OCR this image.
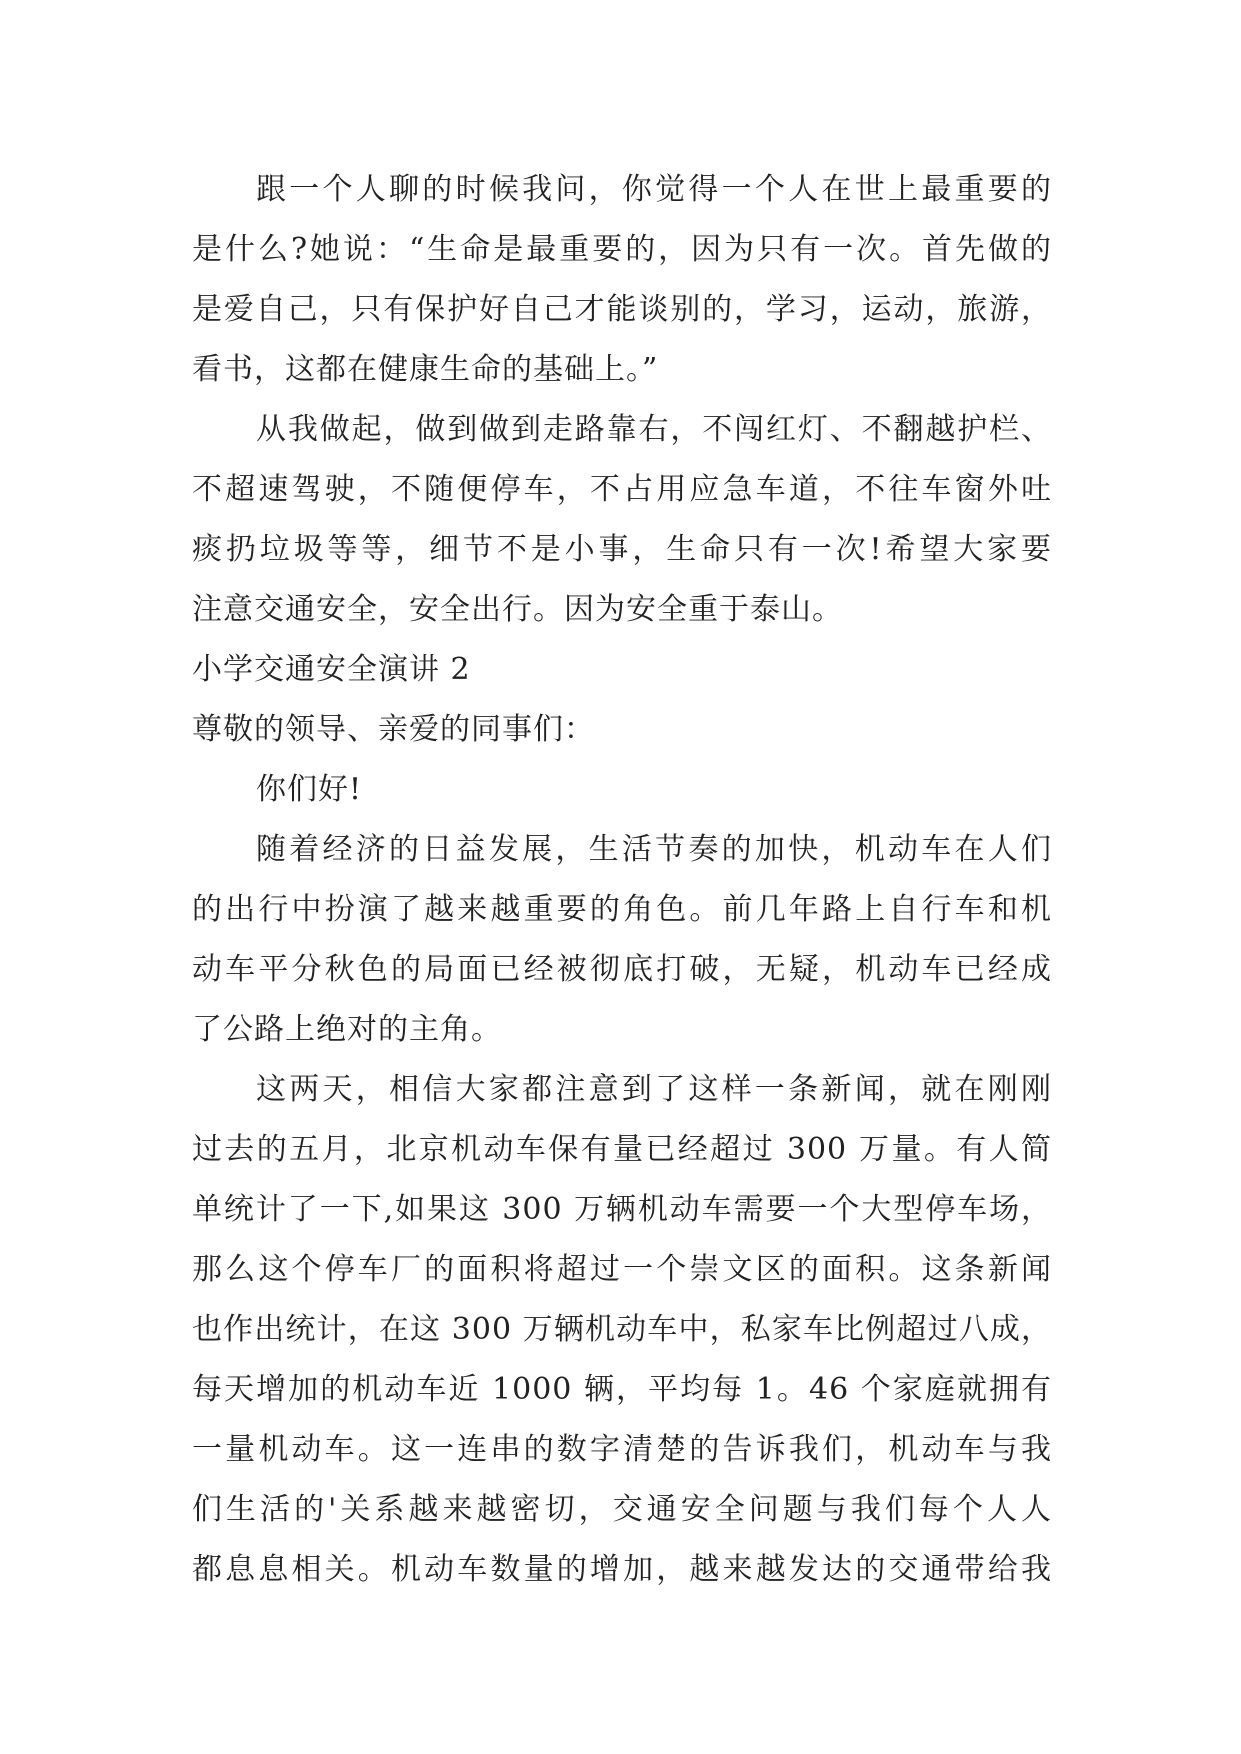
跟一个人聊的时候我问，你觉得一个人在世上最重要的
是什么?她说：“生命是最重要的，因为只有一次。首先做的
是爱自己，只有保护好自己才能谈别的，学习，运动，旅游，
看书，这都在健康生命的基础上。”
从我做起，做到做到走路靠右，不闯红灯、不翻越护栏、
不超速驾驶，不随便停车，不占用应急车道，不往车窗外吐
痰扔垃圾等等，细节不是小事，生命只有一次!希望大家要
注意交通安全，安全出行。因为安全重于泰山。
小学交通安全演讲 2
尊敬的领导、亲爱的同事们：
你们好!
随着经济的日益发展，生活节奏的加快，机动车在人们
的出行中扮演了越来越重要的角色。前几年路上自行车和机
动车平分秋色的局面已经被彻底打破，无疑，机动车已经成
了公路上绝对的主角。
这两天，相信大家都注意到了这样一条新闻，就在刚刚
过去的五月，北京机动车保有量已经超过 300 万量。有人简
单统计了一下,如果这 300 万辆机动车需要一个大型停车场，
那么这个停车厂的面积将超过一个崇文区的面积。这条新闻
也作出统计，在这 300 万辆机动车中，私家车比例超过八成，
每天增加的机动车近 1000 辆，平均每 1。46 个家庭就拥有
一量机动车。这一连串的数字清楚的告诉我们，机动车与我
们生活的'关系越来越密切，交通安全问题与我们每个人人
都息息相关。机动车数量的增加，越来越发达的交通带给我
